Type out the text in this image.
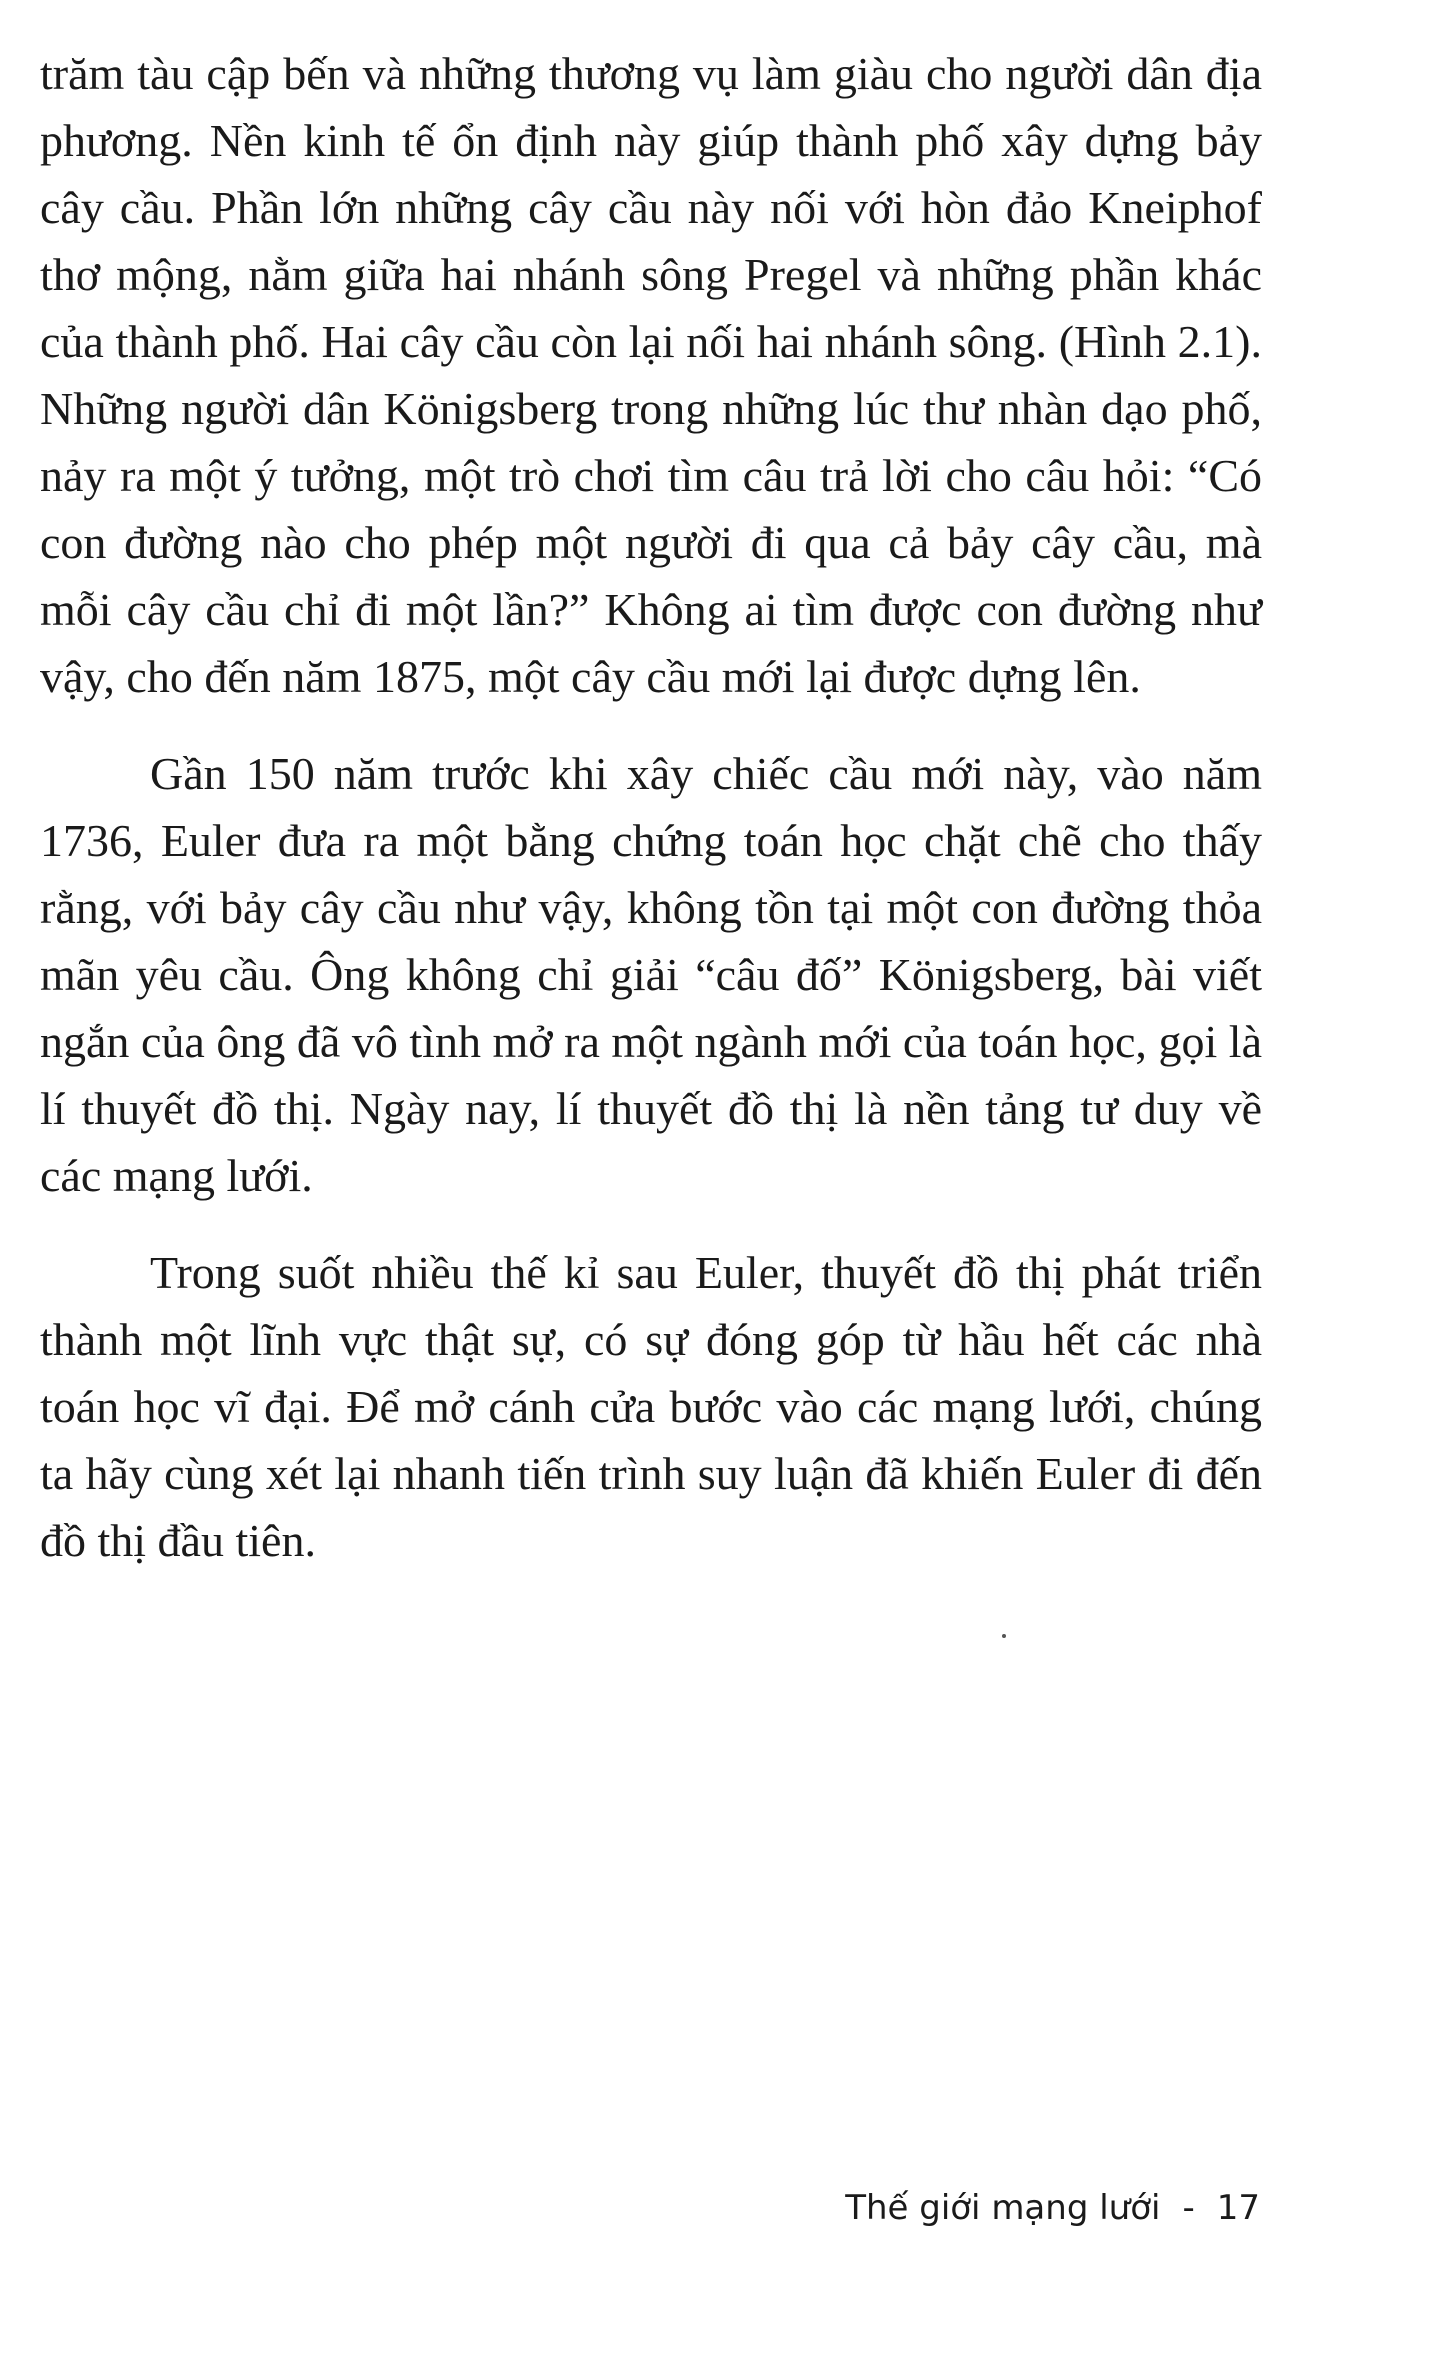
trăm tàu cập bến và những thương vụ làm giàu cho người dân địa phương. Nền kinh tế ổn định này giúp thành phố xây dựng bảy cây cầu. Phần lớn những cây cầu này nối với hòn đảo Kneiphof thơ mộng, nằm giữa hai nhánh sông Pregel và những phần khác của thành phố. Hai cây cầu còn lại nối hai nhánh sông. (Hình 2.1). Những người dân Königsberg trong những lúc thư nhàn dạo phố, nảy ra một ý tưởng, một trò chơi tìm câu trả lời cho câu hỏi: “Có con đường nào cho phép một người đi qua cả bảy cây cầu, mà mỗi cây cầu chỉ đi một lần?” Không ai tìm được con đường như vậy, cho đến năm 1875, một cây cầu mới lại được dựng lên.

Gần 150 năm trước khi xây chiếc cầu mới này, vào năm 1736, Euler đưa ra một bằng chứng toán học chặt chẽ cho thấy rằng, với bảy cây cầu như vậy, không tồn tại một con đường thỏa mãn yêu cầu. Ông không chỉ giải “câu đố” Königsberg, bài viết ngắn của ông đã vô tình mở ra một ngành mới của toán học, gọi là lí thuyết đồ thị. Ngày nay, lí thuyết đồ thị là nền tảng tư duy về các mạng lưới.

Trong suốt nhiều thế kỉ sau Euler, thuyết đồ thị phát triển thành một lĩnh vực thật sự, có sự đóng góp từ hầu hết các nhà toán học vĩ đại. Để mở cánh cửa bước vào các mạng lưới, chúng ta hãy cùng xét lại nhanh tiến trình suy luận đã khiến Euler đi đến đồ thị đầu tiên.

Thế giới mạng lưới - 17
